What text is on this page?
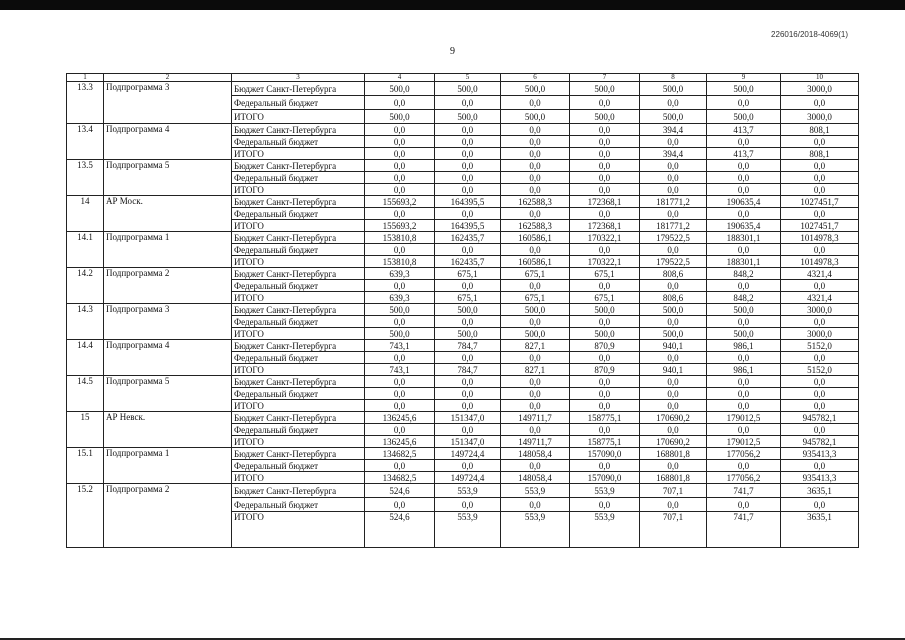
226016/2018-4069(1)
9
1	2	3	4	5	6	7	8	9	10
13.3	Подпрограмма 3	Бюджет Санкт-Петербурга	500,0	500,0	500,0	500,0	500,0	500,0	3000,0
		Федеральный бюджет	0,0	0,0	0,0	0,0	0,0	0,0	0,0
		ИТОГО	500,0	500,0	500,0	500,0	500,0	500,0	3000,0
13.4	Подпрограмма 4	Бюджет Санкт-Петербурга	0,0	0,0	0,0	0,0	394,4	413,7	808,1
		Федеральный бюджет	0,0	0,0	0,0	0,0	0,0	0,0	0,0
		ИТОГО	0,0	0,0	0,0	0,0	394,4	413,7	808,1
13.5	Подпрограмма 5	Бюджет Санкт-Петербурга	0,0	0,0	0,0	0,0	0,0	0,0	0,0
		Федеральный бюджет	0,0	0,0	0,0	0,0	0,0	0,0	0,0
		ИТОГО	0,0	0,0	0,0	0,0	0,0	0,0	0,0
14	АР Моск.	Бюджет Санкт-Петербурга	155693,2	164395,5	162588,3	172368,1	181771,2	190635,4	1027451,7
		Федеральный бюджет	0,0	0,0	0,0	0,0	0,0	0,0	0,0
		ИТОГО	155693,2	164395,5	162588,3	172368,1	181771,2	190635,4	1027451,7
14.1	Подпрограмма 1	Бюджет Санкт-Петербурга	153810,8	162435,7	160586,1	170322,1	179522,5	188301,1	1014978,3
		Федеральный бюджет	0,0	0,0	0,0	0,0	0,0	0,0	0,0
		ИТОГО	153810,8	162435,7	160586,1	170322,1	179522,5	188301,1	1014978,3
14.2	Подпрограмма 2	Бюджет Санкт-Петербурга	639,3	675,1	675,1	675,1	808,6	848,2	4321,4
		Федеральный бюджет	0,0	0,0	0,0	0,0	0,0	0,0	0,0
		ИТОГО	639,3	675,1	675,1	675,1	808,6	848,2	4321,4
14.3	Подпрограмма 3	Бюджет Санкт-Петербурга	500,0	500,0	500,0	500,0	500,0	500,0	3000,0
		Федеральный бюджет	0,0	0,0	0,0	0,0	0,0	0,0	0,0
		ИТОГО	500,0	500,0	500,0	500,0	500,0	500,0	3000,0
14.4	Подпрограмма 4	Бюджет Санкт-Петербурга	743,1	784,7	827,1	870,9	940,1	986,1	5152,0
		Федеральный бюджет	0,0	0,0	0,0	0,0	0,0	0,0	0,0
		ИТОГО	743,1	784,7	827,1	870,9	940,1	986,1	5152,0
14.5	Подпрограмма 5	Бюджет Санкт-Петербурга	0,0	0,0	0,0	0,0	0,0	0,0	0,0
		Федеральный бюджет	0,0	0,0	0,0	0,0	0,0	0,0	0,0
		ИТОГО	0,0	0,0	0,0	0,0	0,0	0,0	0,0
15	АР Невск.	Бюджет Санкт-Петербурга	136245,6	151347,0	149711,7	158775,1	170690,2	179012,5	945782,1
		Федеральный бюджет	0,0	0,0	0,0	0,0	0,0	0,0	0,0
		ИТОГО	136245,6	151347,0	149711,7	158775,1	170690,2	179012,5	945782,1
15.1	Подпрограмма 1	Бюджет Санкт-Петербурга	134682,5	149724,4	148058,4	157090,0	168801,8	177056,2	935413,3
		Федеральный бюджет	0,0	0,0	0,0	0,0	0,0	0,0	0,0
		ИТОГО	134682,5	149724,4	148058,4	157090,0	168801,8	177056,2	935413,3
15.2	Подпрограмма 2	Бюджет Санкт-Петербурга	524,6	553,9	553,9	553,9	707,1	741,7	3635,1
		Федеральный бюджет	0,0	0,0	0,0	0,0	0,0	0,0	0,0
		ИТОГО	524,6	553,9	553,9	553,9	707,1	741,7	3635,1
